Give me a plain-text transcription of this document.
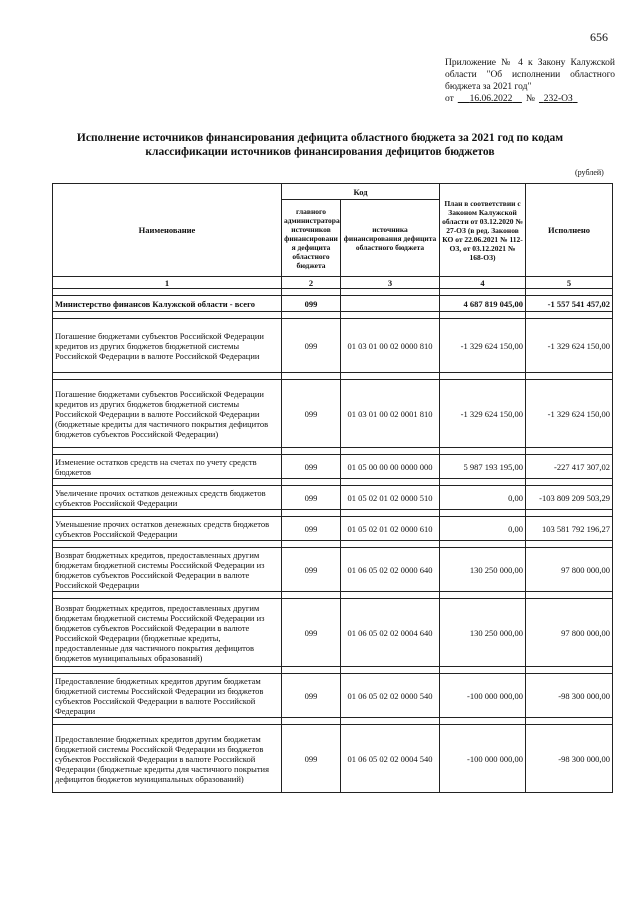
656
Приложение № 4 к Закону Калужской области "Об исполнении областного бюджета за 2021 год"
от	16.06.2022	№ 232-ОЗ
Исполнение источников финансирования дефицита областного бюджета за 2021 год по кодам классификации источников финансирования дефицитов бюджетов
(рублей)
Наименование	Код		План в соответствии с Законом Калужской области от 03.12.2020 № 27-ОЗ (в ред. Законов КО от 22.06.2021 № 112-ОЗ, от 03.12.2021 № 168-ОЗ)	Исполнено
	главного администратора источников финансировани я дефицита областного бюджета	источника финансирования дефицита областного бюджета		
1	2	3	4	5

Министерство финансов Калужской области - всего	099		4 687 819 045,00	-1 557 541 457,02

Погашение бюджетами субъектов Российской Федерации кредитов из других бюджетов бюджетной системы Российской Федерации в валюте Российской Федерации	099	01 03 01 00 02 0000 810	-1 329 624 150,00	-1 329 624 150,00

Погашение бюджетами субъектов Российской Федерации кредитов из других бюджетов бюджетной системы Российской Федерации в валюте Российской Федерации (бюджетные кредиты для частичного покрытия дефицитов бюджетов субъектов Российской Федерации)	099	01 03 01 00 02 0001 810	-1 329 624 150,00	-1 329 624 150,00

Изменение остатков средств на счетах по учету средств бюджетов	099	01 05 00 00 00 0000 000	5 987 193 195,00	-227 417 307,02

Увеличение прочих остатков денежных средств бюджетов субъектов Российской Федерации	099	01 05 02 01 02 0000 510	0,00	-103 809 209 503,29

Уменьшение прочих остатков денежных средств бюджетов субъектов Российской Федерации	099	01 05 02 01 02 0000 610	0,00	103 581 792 196,27

Возврат бюджетных кредитов, предоставленных другим бюджетам бюджетной системы Российской Федерации из бюджетов субъектов Российской Федерации в валюте Российской Федерации	099	01 06 05 02 02 0000 640	130 250 000,00	97 800 000,00

Возврат бюджетных кредитов, предоставленных другим бюджетам бюджетной системы Российской Федерации из бюджетов субъектов Российской Федерации в валюте Российской Федерации (бюджетные кредиты, предоставленные для частичного покрытия дефицитов бюджетов муниципальных образований)	099	01 06 05 02 02 0004 640	130 250 000,00	97 800 000,00

Предоставление бюджетных кредитов другим бюджетам бюджетной системы Российской Федерации из бюджетов субъектов Российской Федерации в валюте Российской Федерации	099	01 06 05 02 02 0000 540	-100 000 000,00	-98 300 000,00

Предоставление бюджетных кредитов другим бюджетам бюджетной системы Российской Федерации из бюджетов субъектов Российской Федерации в валюте Российской Федерации (бюджетные кредиты для частичного покрытия дефицитов бюджетов муниципальных образований)	099	01 06 05 02 02 0004 540	-100 000 000,00	-98 300 000,00
